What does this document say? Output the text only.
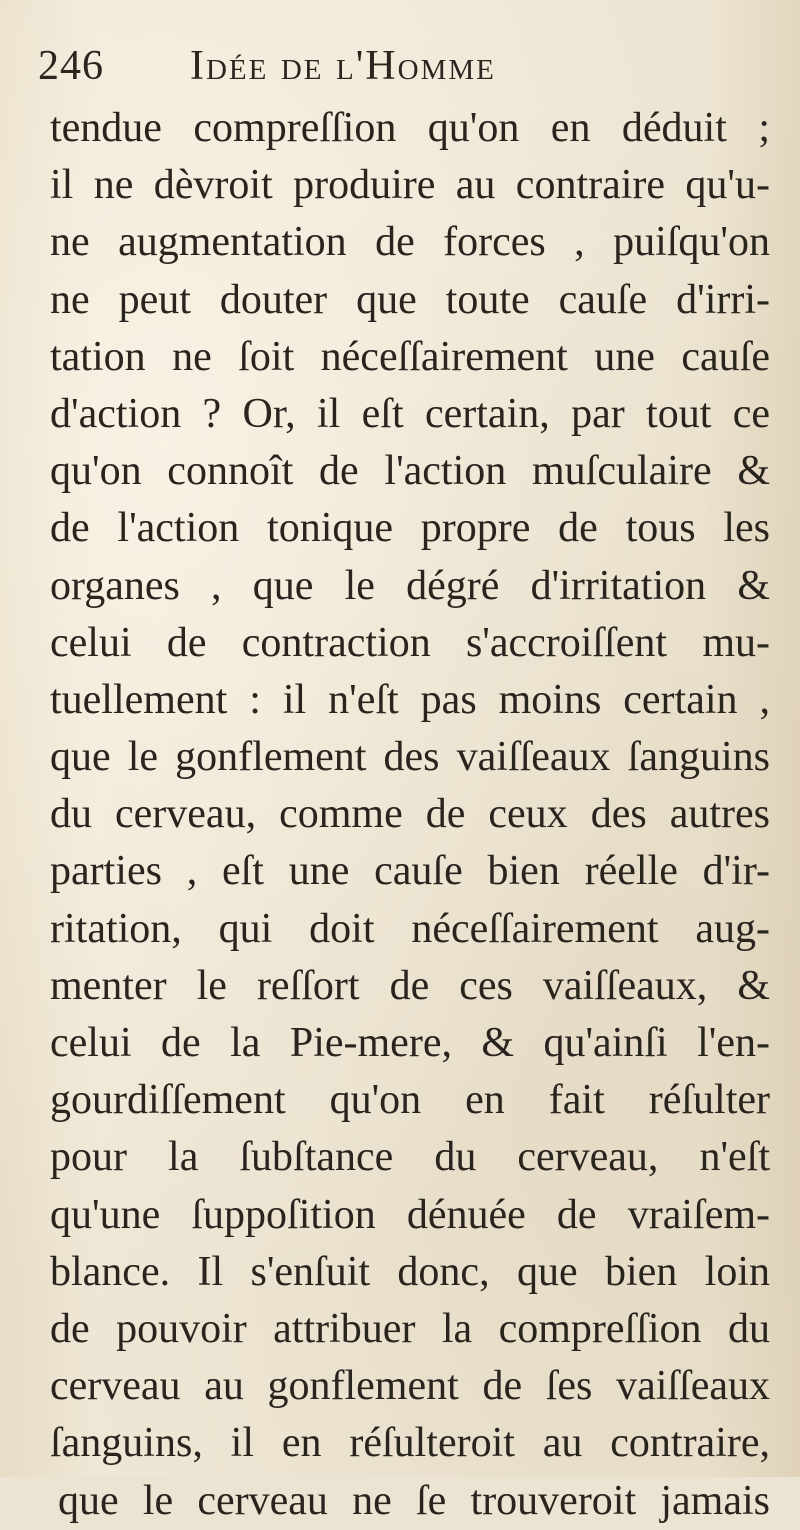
246 Idée de l'Homme
tendue compreſſion qu'on en déduit ;
il ne dèvroit produire au contraire qu'u-
ne augmentation de forces , puiſqu'on
ne peut douter que toute cauſe d'irri-
tation ne ſoit néceſſairement une cauſe
d'action ? Or, il eſt certain, par tout ce
qu'on connoît de l'action muſculaire &
de l'action tonique propre de tous les
organes , que le dégré d'irritation &
celui de contraction s'accroiſſent mu-
tuellement : il n'eſt pas moins certain ,
que le gonflement des vaiſſeaux ſanguins
du cerveau, comme de ceux des autres
parties , eſt une cauſe bien réelle d'ir-
ritation, qui doit néceſſairement aug-
menter le reſſort de ces vaiſſeaux, &
celui de la Pie-mere, & qu'ainſi l'en-
gourdiſſement qu'on en fait réſulter
pour la ſubſtance du cerveau, n'eſt
qu'une ſuppoſition dénuée de vraiſem-
blance. Il s'enſuit donc, que bien loin
de pouvoir attribuer la compreſſion du
cerveau au gonflement de ſes vaiſſeaux
ſanguins, il en réſulteroit au contraire,
que le cerveau ne ſe trouveroit jamais
